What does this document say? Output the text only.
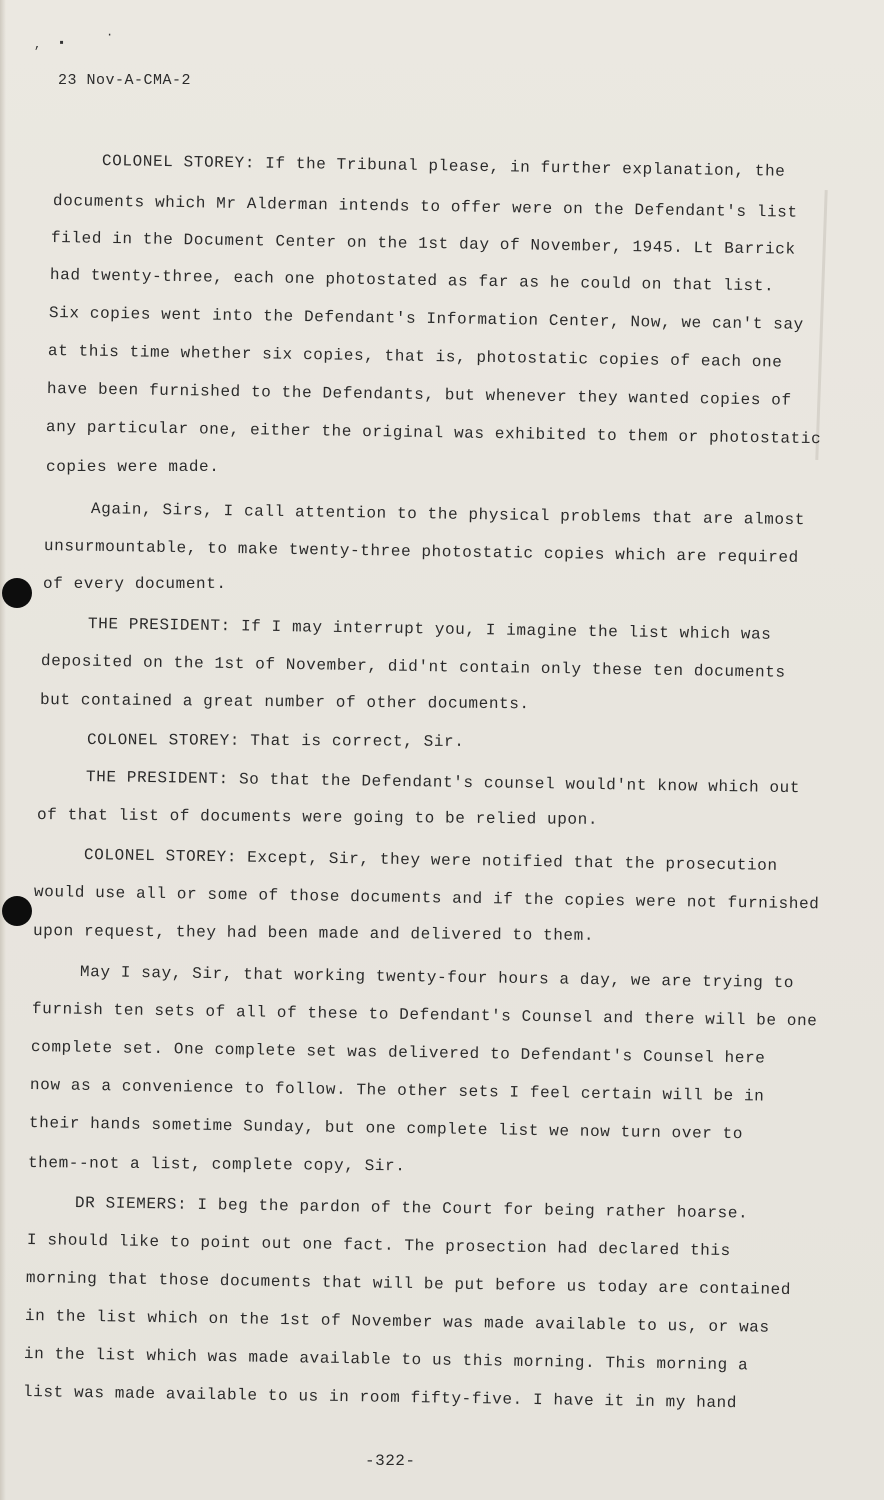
, ▪
·
23 Nov-A-CMA-2
COLONEL STOREY: If the Tribunal please, in further explanation, the
documents which Mr Alderman intends to offer were on the Defendant's list
filed in the Document Center on the 1st day of November, 1945. Lt Barrick
had twenty-three, each one photostated as far as he could on that list.
Six copies went into the Defendant's Information Center, Now, we can't say
at this time whether six copies, that is, photostatic copies of each one
have been furnished to the Defendants, but whenever they wanted copies of
any particular one, either the original was exhibited to them or photostatic
copies were made.
Again, Sirs, I call attention to the physical problems that are almost
unsurmountable, to make twenty-three photostatic copies which are required
of every document.
THE PRESIDENT: If I may interrupt you, I imagine the list which was
deposited on the 1st of November, did'nt contain only these ten documents
but contained a great number of other documents.
COLONEL STOREY: That is correct, Sir.
THE PRESIDENT: So that the Defendant's counsel would'nt know which out
of that list of documents were going to be relied upon.
COLONEL STOREY: Except, Sir, they were notified that the prosecution
would use all or some of those documents and if the copies were not furnished
upon request, they had been made and delivered to them.
May I say, Sir, that working twenty-four hours a day, we are trying to
furnish ten sets of all of these to Defendant's Counsel and there will be one
complete set. One complete set was delivered to Defendant's Counsel here
now as a convenience to follow. The other sets I feel certain will be in
their hands sometime Sunday, but one complete list we now turn over to
them--not a list, complete copy, Sir.
DR SIEMERS: I beg the pardon of the Court for being rather hoarse.
I should like to point out one fact. The prosection had declared this
morning that those documents that will be put before us today are contained
in the list which on the 1st of November was made available to us, or was
in the list which was made available to us this morning. This morning a
list was made available to us in room fifty-five. I have it in my hand
-322-
